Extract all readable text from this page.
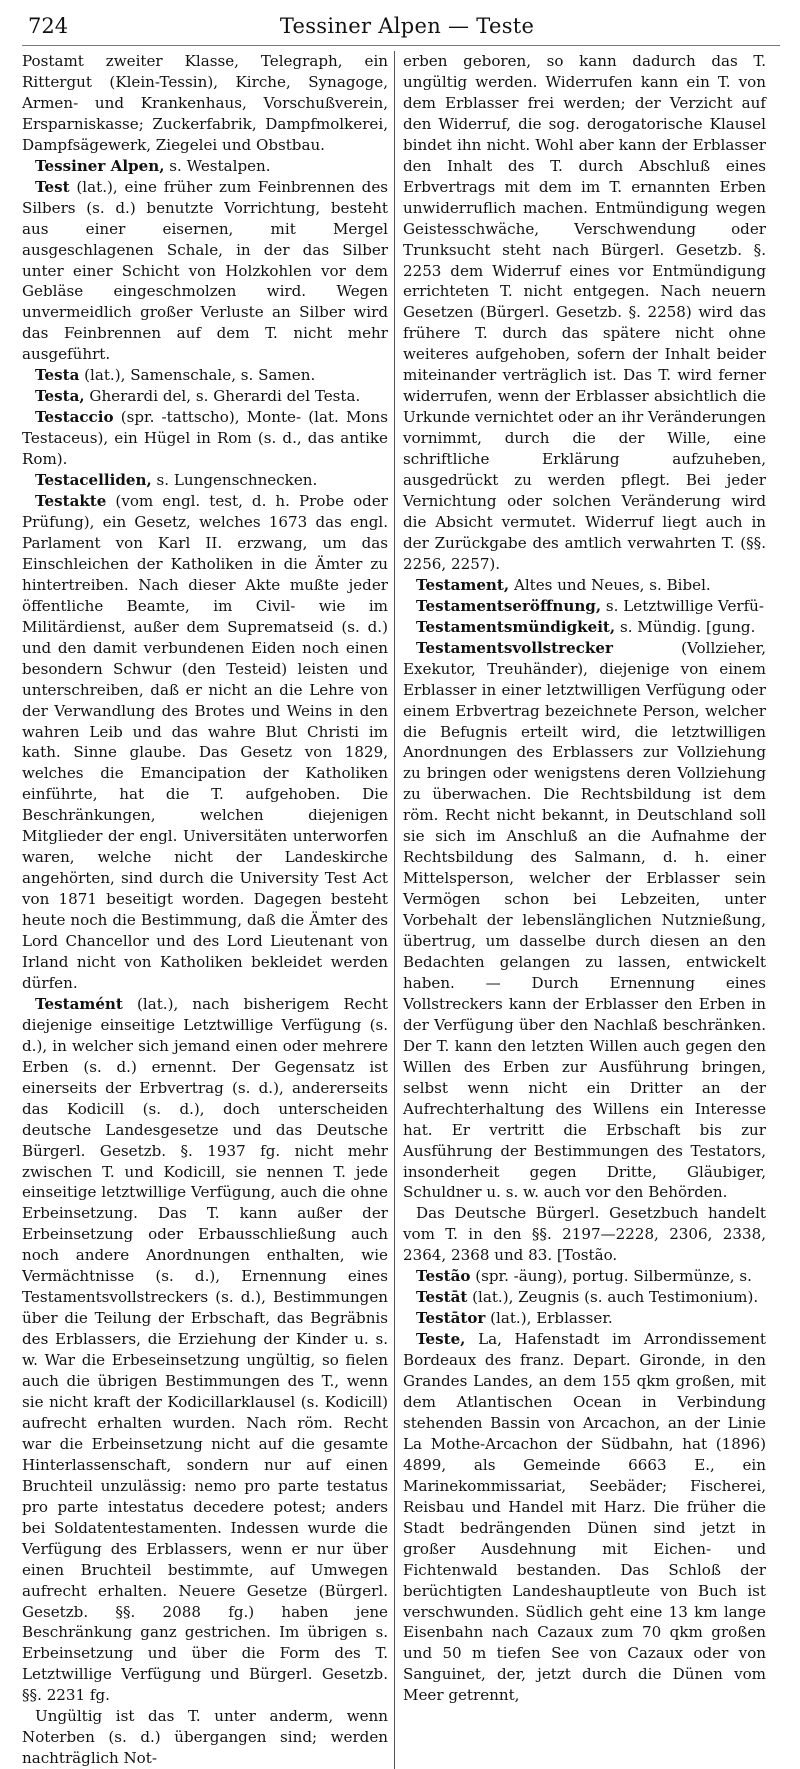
724	Tessiner Alpen — Teste

Postamt zweiter Klasse, Telegraph, ein Rittergut (Klein-Tessin), Kirche, Synagoge, Armen- und Krankenhaus, Vorschußverein, Ersparniskasse; Zuckerfabrik, Dampfmolkerei, Dampfsägewerk, Ziegelei und Obstbau.

Tessiner Alpen, s. Westalpen.

Test (lat.), eine früher zum Feinbrennen des Silbers (s. d.) benutzte Vorrichtung, besteht aus einer eisernen, mit Mergel ausgeschlagenen Schale, in der das Silber unter einer Schicht von Holzkohlen vor dem Gebläse eingeschmolzen wird. Wegen unvermeidlich großer Verluste an Silber wird das Feinbrennen auf dem T. nicht mehr ausgeführt.

Testa (lat.), Samenschale, s. Samen.

Testa, Gherardi del, s. Gherardi del Testa.

Testaccio (spr. -tattscho), Monte- (lat. Mons Testaceus), ein Hügel in Rom (s. d., das antike Rom).

Testacelliden, s. Lungenschnecken.

Testakte (vom engl. test, d. h. Probe oder Prüfung), ein Gesetz, welches 1673 das engl. Parlament von Karl II. erzwang, um das Einschleichen der Katholiken in die Ämter zu hintertreiben. Nach dieser Akte mußte jeder öffentliche Beamte, im Civil- wie im Militärdienst, außer dem Suprematseid (s. d.) und den damit verbundenen Eiden noch einen besondern Schwur (den Testeid) leisten und unterschreiben, daß er nicht an die Lehre von der Verwandlung des Brotes und Weins in den wahren Leib und das wahre Blut Christi im kath. Sinne glaube. Das Gesetz von 1829, welches die Emancipation der Katholiken einführte, hat die T. aufgehoben. Die Beschränkungen, welchen diejenigen Mitglieder der engl. Universitäten unterworfen waren, welche nicht der Landeskirche angehörten, sind durch die University Test Act von 1871 beseitigt worden. Dagegen besteht heute noch die Bestimmung, daß die Ämter des Lord Chancellor und des Lord Lieutenant von Irland nicht von Katholiken bekleidet werden dürfen.

Testamént (lat.), nach bisherigem Recht diejenige einseitige Letztwillige Verfügung (s. d.), in welcher sich jemand einen oder mehrere Erben (s. d.) ernennt. Der Gegensatz ist einerseits der Erbvertrag (s. d.), andererseits das Kodicill (s. d.), doch unterscheiden deutsche Landesgesetze und das Deutsche Bürgerl. Gesetzb. §. 1937 fg. nicht mehr zwischen T. und Kodicill, sie nennen T. jede einseitige letztwillige Verfügung, auch die ohne Erbeinsetzung. Das T. kann außer der Erbeinsetzung oder Erbausschließung auch noch andere Anordnungen enthalten, wie Vermächtnisse (s. d.), Ernennung eines Testamentsvollstreckers (s. d.), Bestimmungen über die Teilung der Erbschaft, das Begräbnis des Erblassers, die Erziehung der Kinder u. s. w. War die Erbeseinsetzung ungültig, so fielen auch die übrigen Bestimmungen des T., wenn sie nicht kraft der Kodicillarklausel (s. Kodicill) aufrecht erhalten wurden. Nach röm. Recht war die Erbeinsetzung nicht auf die gesamte Hinterlassenschaft, sondern nur auf einen Bruchteil unzulässig: nemo pro parte testatus pro parte intestatus decedere potest; anders bei Soldatentestamenten. Indessen wurde die Verfügung des Erblassers, wenn er nur über einen Bruchteil bestimmte, auf Umwegen aufrecht erhalten. Neuere Gesetze (Bürgerl. Gesetzb. §§. 2088 fg.) haben jene Beschränkung ganz gestrichen. Im übrigen s. Erbeinsetzung und über die Form des T. Letztwillige Verfügung und Bürgerl. Gesetzb. §§. 2231 fg.

Ungültig ist das T. unter anderm, wenn Noterben (s. d.) übergangen sind; werden nachträglich Not-

erben geboren, so kann dadurch das T. ungültig werden. Widerrufen kann ein T. von dem Erblasser frei werden; der Verzicht auf den Widerruf, die sog. derogatorische Klausel bindet ihn nicht. Wohl aber kann der Erblasser den Inhalt des T. durch Abschluß eines Erbvertrags mit dem im T. ernannten Erben unwiderruflich machen. Entmündigung wegen Geistesschwäche, Verschwendung oder Trunksucht steht nach Bürgerl. Gesetzb. §. 2253 dem Widerruf eines vor Entmündigung errichteten T. nicht entgegen. Nach neuern Gesetzen (Bürgerl. Gesetzb. §. 2258) wird das frühere T. durch das spätere nicht ohne weiteres aufgehoben, sofern der Inhalt beider miteinander verträglich ist. Das T. wird ferner widerrufen, wenn der Erblasser absichtlich die Urkunde vernichtet oder an ihr Veränderungen vornimmt, durch die der Wille, eine schriftliche Erklärung aufzuheben, ausgedrückt zu werden pflegt. Bei jeder Vernichtung oder solchen Veränderung wird die Absicht vermutet. Widerruf liegt auch in der Zurückgabe des amtlich verwahrten T. (§§. 2256, 2257).

Testament, Altes und Neues, s. Bibel.

Testamentseröffnung, s. Letztwillige Verfü-

Testamentsmündigkeit, s. Mündig. [gung.

Testamentsvollstrecker (Vollzieher, Exekutor, Treuhänder), diejenige von einem Erblasser in einer letztwilligen Verfügung oder einem Erbvertrag bezeichnete Person, welcher die Befugnis erteilt wird, die letztwilligen Anordnungen des Erblassers zur Vollziehung zu bringen oder wenigstens deren Vollziehung zu überwachen. Die Rechtsbildung ist dem röm. Recht nicht bekannt, in Deutschland soll sie sich im Anschluß an die Aufnahme der Rechtsbildung des Salmann, d. h. einer Mittelsperson, welcher der Erblasser sein Vermögen schon bei Lebzeiten, unter Vorbehalt der lebenslänglichen Nutznießung, übertrug, um dasselbe durch diesen an den Bedachten gelangen zu lassen, entwickelt haben. — Durch Ernennung eines Vollstreckers kann der Erblasser den Erben in der Verfügung über den Nachlaß beschränken. Der T. kann den letzten Willen auch gegen den Willen des Erben zur Ausführung bringen, selbst wenn nicht ein Dritter an der Aufrechterhaltung des Willens ein Interesse hat. Er vertritt die Erbschaft bis zur Ausführung der Bestimmungen des Testators, insonderheit gegen Dritte, Gläubiger, Schuldner u. s. w. auch vor den Behörden.

Das Deutsche Bürgerl. Gesetzbuch handelt vom T. in den §§. 2197—2228, 2306, 2338, 2364, 2368 und 83. [Tostão.

Testão (spr. -äung), portug. Silbermünze, s.

Testāt (lat.), Zeugnis (s. auch Testimonium).

Testātor (lat.), Erblasser.

Teste, La, Hafenstadt im Arrondissement Bordeaux des franz. Depart. Gironde, in den Grandes Landes, an dem 155 qkm großen, mit dem Atlantischen Ocean in Verbindung stehenden Bassin von Arcachon, an der Linie La Mothe-Arcachon der Südbahn, hat (1896) 4899, als Gemeinde 6663 E., ein Marinekommissariat, Seebäder; Fischerei, Reisbau und Handel mit Harz. Die früher die Stadt bedrängenden Dünen sind jetzt in großer Ausdehnung mit Eichen- und Fichtenwald bestanden. Das Schloß der berüchtigten Landeshauptleute von Buch ist verschwunden. Südlich geht eine 13 km lange Eisenbahn nach Cazaux zum 70 qkm großen und 50 m tiefen See von Cazaux oder von Sanguinet, der, jetzt durch die Dünen vom Meer getrennt,
